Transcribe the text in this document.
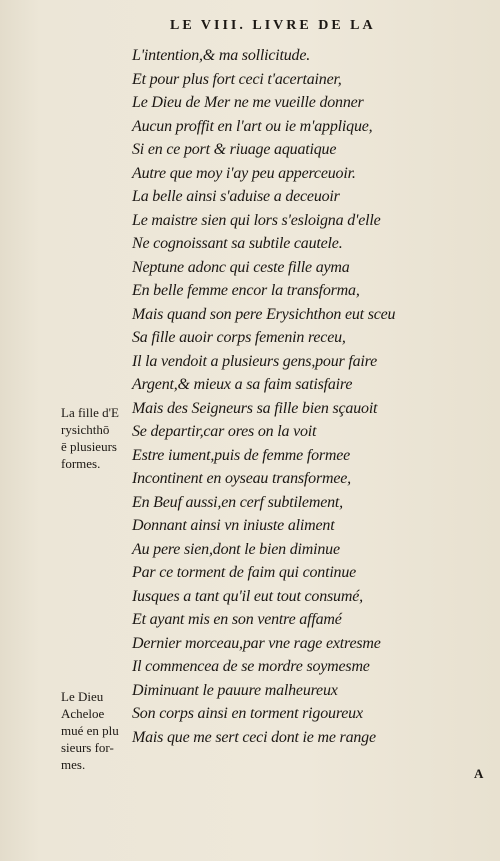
LE VIII. LIVRE DE LA
L'intention,& ma sollicitude.
Et pour plus fort ceci t'acertainer,
Le Dieu de Mer ne me vueille donner
Aucun proffit en l'art ou ie m'applique,
Si en ce port & riuage aquatique
Autre que moy i'ay peu apperceuoir.
La belle ainsi s'aduise a deceuoir
Le maistre sien qui lors s'esloigna d'elle
Ne cognoissant sa subtile cautele.
Neptune adonc qui ceste fille ayma
En belle femme encor la transforma,
Mais quand son pere Erysichthon eut sceu
Sa fille auoir corps femenin receu,
Il la vendoit a plusieurs gens,pour faire
Argent,& mieux a sa faim satisfaire
Mais des Seigneurs sa fille bien sçauoit
Se departir,car ores on la voit
Estre iument,puis de femme formee
Incontinent en oyseau transformee,
En Beuf aussi,en cerf subtilement,
Donnant ainsi vn iniuste aliment
Au pere sien,dont le bien diminue
Par ce torment de faim qui continue
Iusques a tant qu'il eut tout consumé,
Et ayant mis en son ventre affamé
Dernier morceau,par vne rage extresme
Il commencea de se mordre soymesme
Diminuant le pauure malheureux
Son corps ainsi en torment rigoureux
Mais que me sert ceci dont ie me range
La fille d'E
rysichthō
ē plusieurs
formes.
Le Dieu
Acheloe
mué en plu
sieurs for-
mes.
A
